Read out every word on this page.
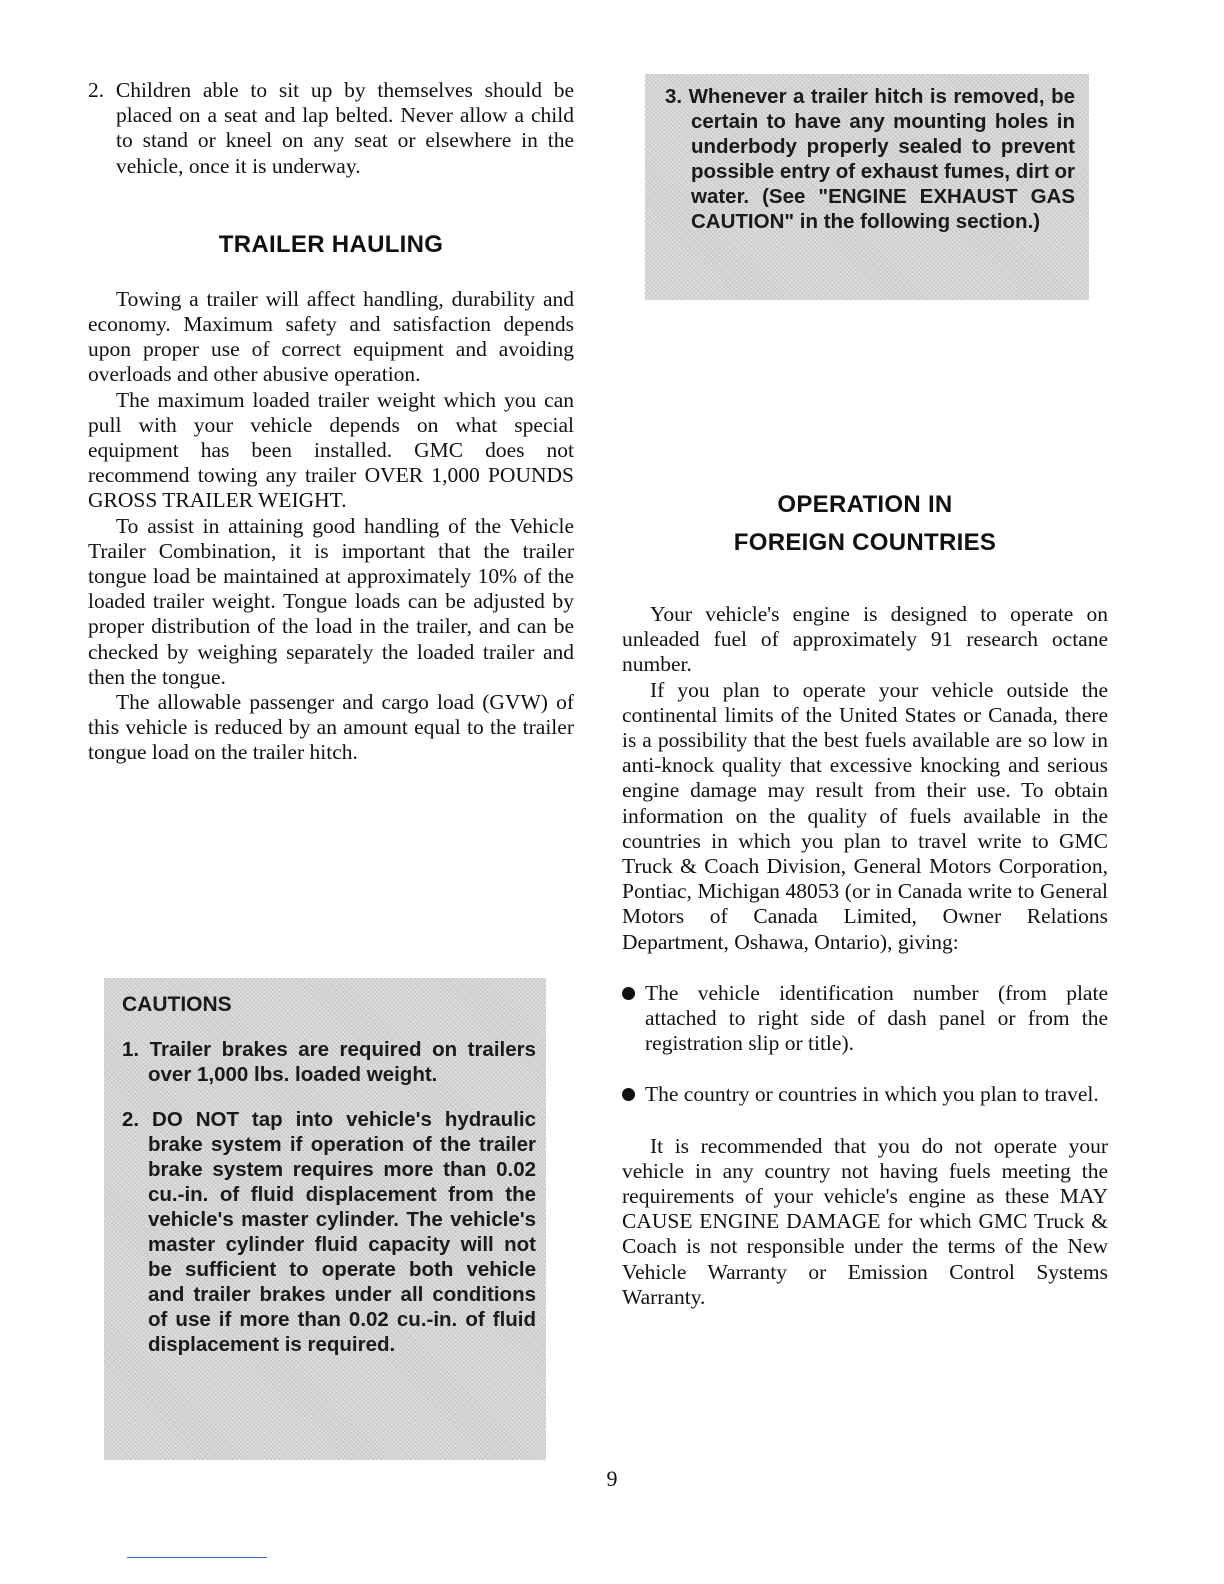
2. Children able to sit up by themselves should be placed on a seat and lap belted. Never allow a child to stand or kneel on any seat or elsewhere in the vehicle, once it is underway.

TRAILER HAULING

Towing a trailer will affect handling, durability and economy. Maximum safety and satisfaction depends upon proper use of correct equipment and avoiding overloads and other abusive operation.

The maximum loaded trailer weight which you can pull with your vehicle depends on what special equipment has been installed. GMC does not recommend towing any trailer OVER 1,000 POUNDS GROSS TRAILER WEIGHT.

To assist in attaining good handling of the Vehicle Trailer Combination, it is important that the trailer tongue load be maintained at approximately 10% of the loaded trailer weight. Tongue loads can be adjusted by proper distribution of the load in the trailer, and can be checked by weighing separately the loaded trailer and then the tongue.

The allowable passenger and cargo load (GVW) of this vehicle is reduced by an amount equal to the trailer tongue load on the trailer hitch.

CAUTIONS

1. Trailer brakes are required on trailers over 1,000 lbs. loaded weight.

2. DO NOT tap into vehicle's hydraulic brake system if operation of the trailer brake system requires more than 0.02 cu.-in. of fluid displacement from the vehicle's master cylinder. The vehicle's master cylinder fluid capacity will not be sufficient to operate both vehicle and trailer brakes under all conditions of use if more than 0.02 cu.-in. of fluid displacement is required.

3. Whenever a trailer hitch is removed, be certain to have any mounting holes in underbody properly sealed to prevent possible entry of exhaust fumes, dirt or water. (See "ENGINE EXHAUST GAS CAUTION" in the following section.)

OPERATION IN
FOREIGN COUNTRIES

Your vehicle's engine is designed to operate on unleaded fuel of approximately 91 research octane number.

If you plan to operate your vehicle outside the continental limits of the United States or Canada, there is a possibility that the best fuels available are so low in anti-knock quality that excessive knocking and serious engine damage may result from their use. To obtain information on the quality of fuels available in the countries in which you plan to travel write to GMC Truck & Coach Division, General Motors Corporation, Pontiac, Michigan 48053 (or in Canada write to General Motors of Canada Limited, Owner Relations Department, Oshawa, Ontario), giving:

The vehicle identification number (from plate attached to right side of dash panel or from the registration slip or title).

The country or countries in which you plan to travel.

It is recommended that you do not operate your vehicle in any country not having fuels meeting the requirements of your vehicle's engine as these MAY CAUSE ENGINE DAMAGE for which GMC Truck & Coach is not responsible under the terms of the New Vehicle Warranty or Emission Control Systems Warranty.

9
